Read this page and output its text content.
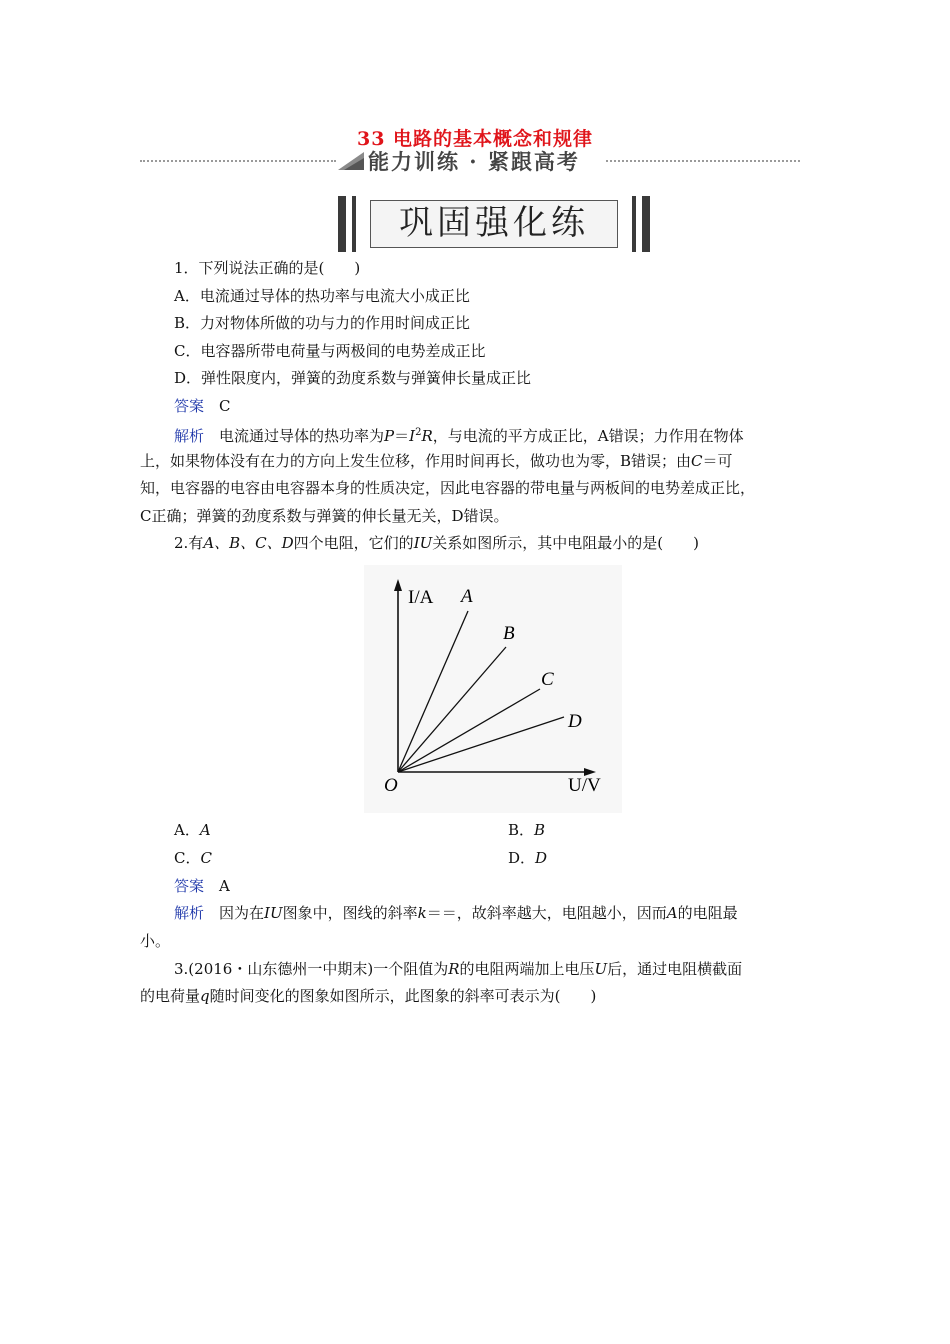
33 电路的基本概念和规律
能力训练 · 紧跟高考
巩固强化练
1．下列说法正确的是(　　)
A．电流通过导体的热功率与电流大小成正比
B．力对物体所做的功与力的作用时间成正比
C．电容器所带电荷量与两极间的电势差成正比
D．弹性限度内，弹簧的劲度系数与弹簧伸长量成正比
答案　 C
解析　 电流通过导体的热功率为$P=I^2R$，与电流的平方成正比，A错误；力作用在物体
上，如果物体没有在力的方向上发生位移，作用时间再长，做功也为零，B错误；由C＝可
知，电容器的电容由电容器本身的性质决定，因此电容器的带电量与两板间的电势差成正比，
C正确；弹簧的劲度系数与弹簧的伸长量无关，D错误。
2.有A、B、C、D四个电阻，它们的IU关系如图所示，其中电阻最小的是(　　)
I/A
U/V
O
A
B
C
D
A．A	B．B
C．C	D．D
答案　 A
解析　 因为在IU图象中，图线的斜率k＝＝，故斜率越大，电阻越小，因而A的电阻最
小。
3.(2016・山东德州一中期末)一个阻值为R的电阻两端加上电压U后，通过电阻横截面
的电荷量q随时间变化的图象如图所示，此图象的斜率可表示为(　　)
